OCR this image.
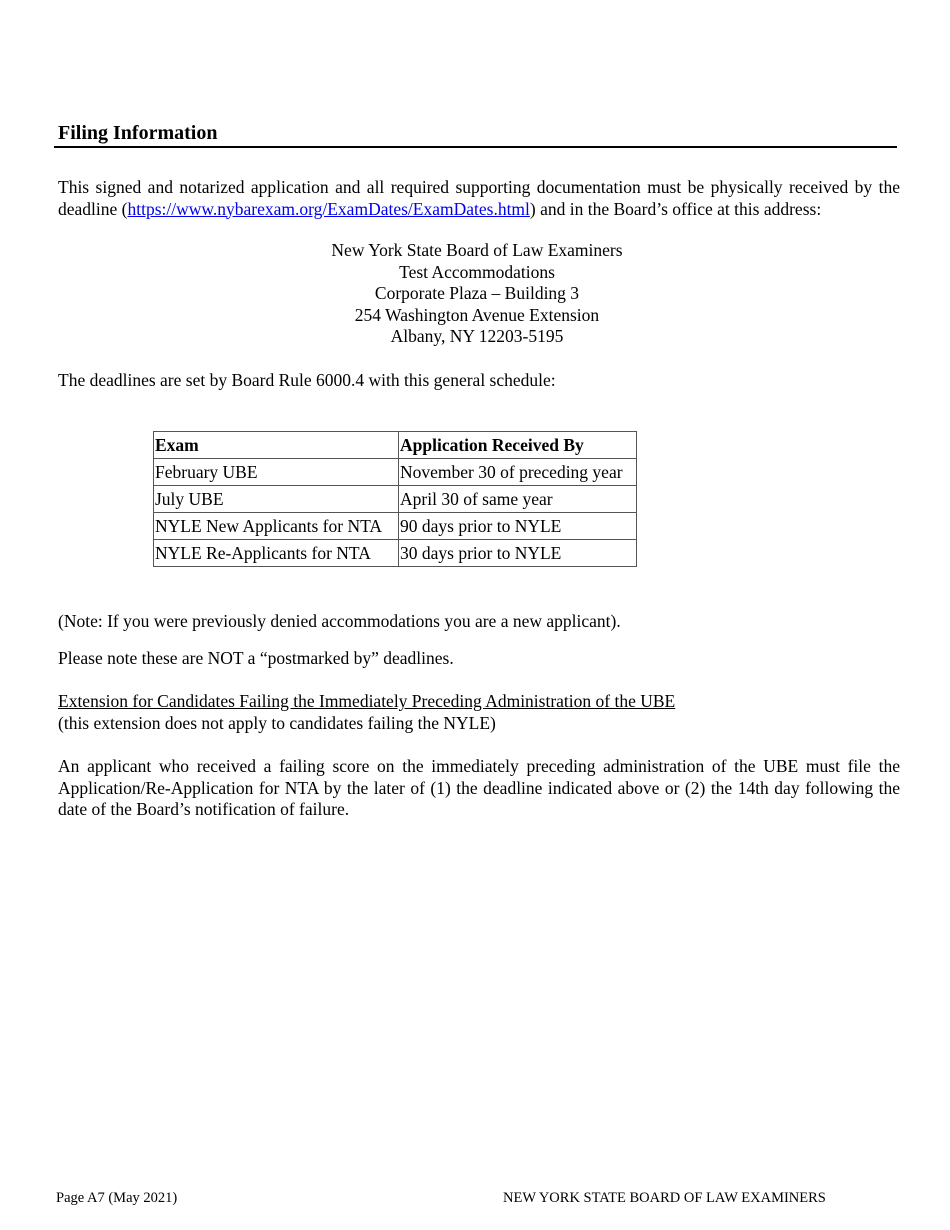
Filing Information

This signed and notarized application and all required supporting documentation must be physically received by the deadline (https://www.nybarexam.org/ExamDates/ExamDates.html) and in the Board’s office at this address:

New York State Board of Law Examiners
Test Accommodations
Corporate Plaza – Building 3
254 Washington Avenue Extension
Albany, NY 12203-5195

The deadlines are set by Board Rule 6000.4 with this general schedule:

Exam	Application Received By
February UBE	November 30 of preceding year
July UBE	April 30 of same year
NYLE New Applicants for NTA	90 days prior to NYLE
NYLE Re-Applicants for NTA	30 days prior to NYLE

(Note: If you were previously denied accommodations you are a new applicant).

Please note these are NOT a “postmarked by” deadlines.

Extension for Candidates Failing the Immediately Preceding Administration of the UBE
(this extension does not apply to candidates failing the NYLE)

An applicant who received a failing score on the immediately preceding administration of the UBE must file the Application/Re-Application for NTA by the later of (1) the deadline indicated above or (2) the 14th day following the date of the Board’s notification of failure.

Page A7 (May 2021)	NEW YORK STATE BOARD OF LAW EXAMINERS
